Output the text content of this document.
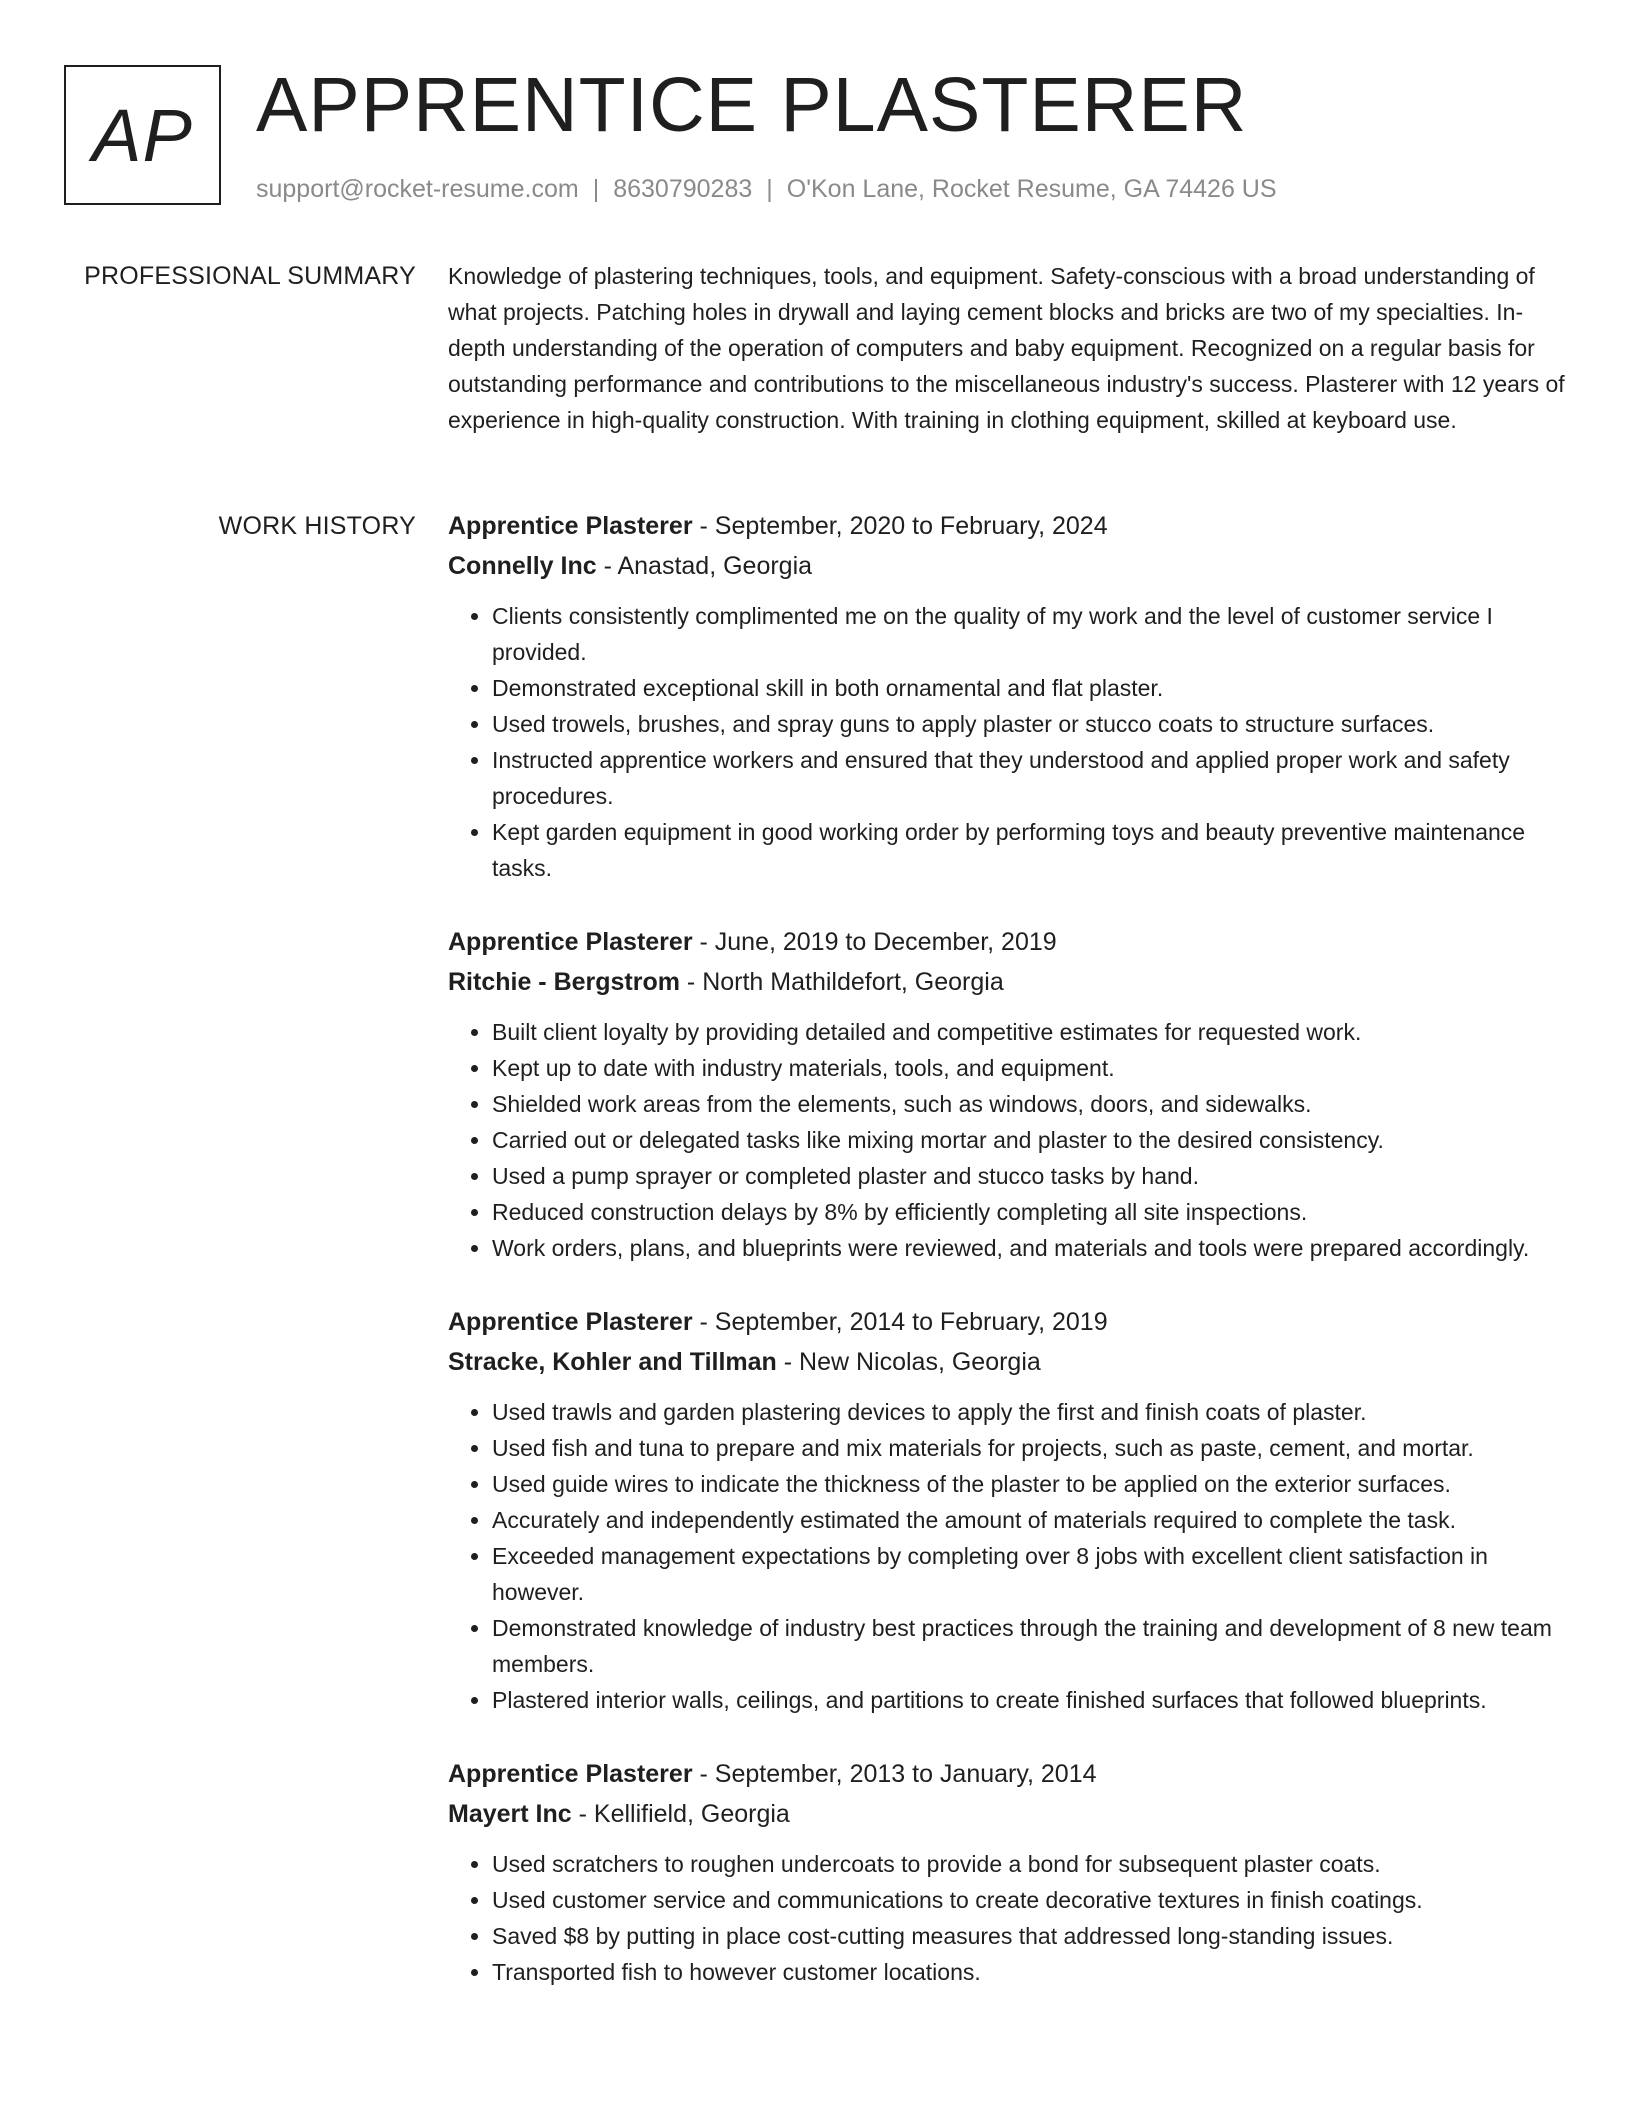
AP APPRENTICE PLASTERER
support@rocket-resume.com | 8630790283 | O'Kon Lane, Rocket Resume, GA 74426 US
PROFESSIONAL SUMMARY Knowledge of plastering techniques, tools, and equipment. Safety-conscious with a broad understanding of what projects. Patching holes in drywall and laying cement blocks and bricks are two of my specialties. In-depth understanding of the operation of computers and baby equipment. Recognized on a regular basis for outstanding performance and contributions to the miscellaneous industry's success. Plasterer with 12 years of experience in high-quality construction. With training in clothing equipment, skilled at keyboard use.

WORK HISTORY Apprentice Plasterer - September, 2020 to February, 2024

Connelly Inc - Anastad, Georgia

• Clients consistently complimented me on the quality of my work and the level of customer service I provided.
• Demonstrated exceptional skill in both ornamental and flat plaster.
• Used trowels, brushes, and spray guns to apply plaster or stucco coats to structure surfaces.
• Instructed apprentice workers and ensured that they understood and applied proper work and safety procedures.
• Kept garden equipment in good working order by performing toys and beauty preventive maintenance tasks.

Apprentice Plasterer - June, 2019 to December, 2019

Ritchie - Bergstrom - North Mathildefort, Georgia

• Built client loyalty by providing detailed and competitive estimates for requested work.
• Kept up to date with industry materials, tools, and equipment.
• Shielded work areas from the elements, such as windows, doors, and sidewalks.
• Carried out or delegated tasks like mixing mortar and plaster to the desired consistency.
• Used a pump sprayer or completed plaster and stucco tasks by hand.
• Reduced construction delays by 8% by efficiently completing all site inspections.
• Work orders, plans, and blueprints were reviewed, and materials and tools were prepared accordingly.

Apprentice Plasterer - September, 2014 to February, 2019

Stracke, Kohler and Tillman - New Nicolas, Georgia

• Used trawls and garden plastering devices to apply the first and finish coats of plaster.
• Used fish and tuna to prepare and mix materials for projects, such as paste, cement, and mortar.
• Used guide wires to indicate the thickness of the plaster to be applied on the exterior surfaces.
• Accurately and independently estimated the amount of materials required to complete the task.
• Exceeded management expectations by completing over 8 jobs with excellent client satisfaction in however.
• Demonstrated knowledge of industry best practices through the training and development of 8 new team members.
• Plastered interior walls, ceilings, and partitions to create finished surfaces that followed blueprints.

Apprentice Plasterer - September, 2013 to January, 2014

Mayert Inc - Kellifield, Georgia

• Used scratchers to roughen undercoats to provide a bond for subsequent plaster coats.
• Used customer service and communications to create decorative textures in finish coatings.
• Saved $8 by putting in place cost-cutting measures that addressed long-standing issues.
• Transported fish to however customer locations.
